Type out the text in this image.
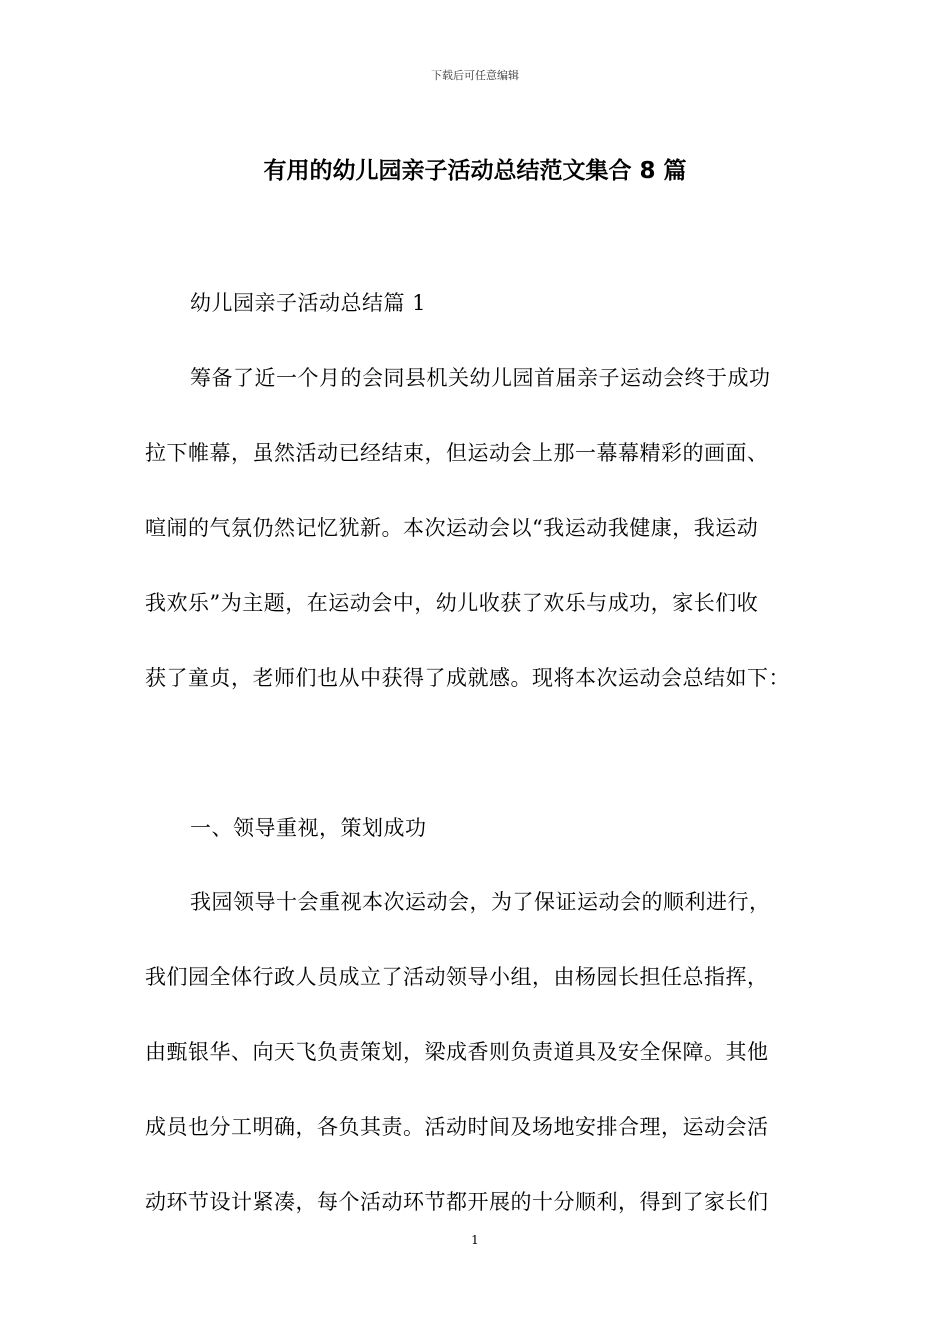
下载后可任意编辑
有用的幼儿园亲子活动总结范文集合 8 篇
幼儿园亲子活动总结篇 1
筹备了近一个月的会同县机关幼儿园首届亲子运动会终于成功
拉下帷幕，虽然活动已经结束，但运动会上那一幕幕精彩的画面、
喧闹的气氛仍然记忆犹新。本次运动会以“我运动我健康，我运动
我欢乐”为主题，在运动会中，幼儿收获了欢乐与成功，家长们收
获了童贞，老师们也从中获得了成就感。现将本次运动会总结如下：
一、领导重视，策划成功
我园领导十会重视本次运动会，为了保证运动会的顺利进行，
我们园全体行政人员成立了活动领导小组，由杨园长担任总指挥，
由甄银华、向天飞负责策划，梁成香则负责道具及安全保障。其他
成员也分工明确，各负其责。活动时间及场地安排合理，运动会活
动环节设计紧凑，每个活动环节都开展的十分顺利，得到了家长们
1
